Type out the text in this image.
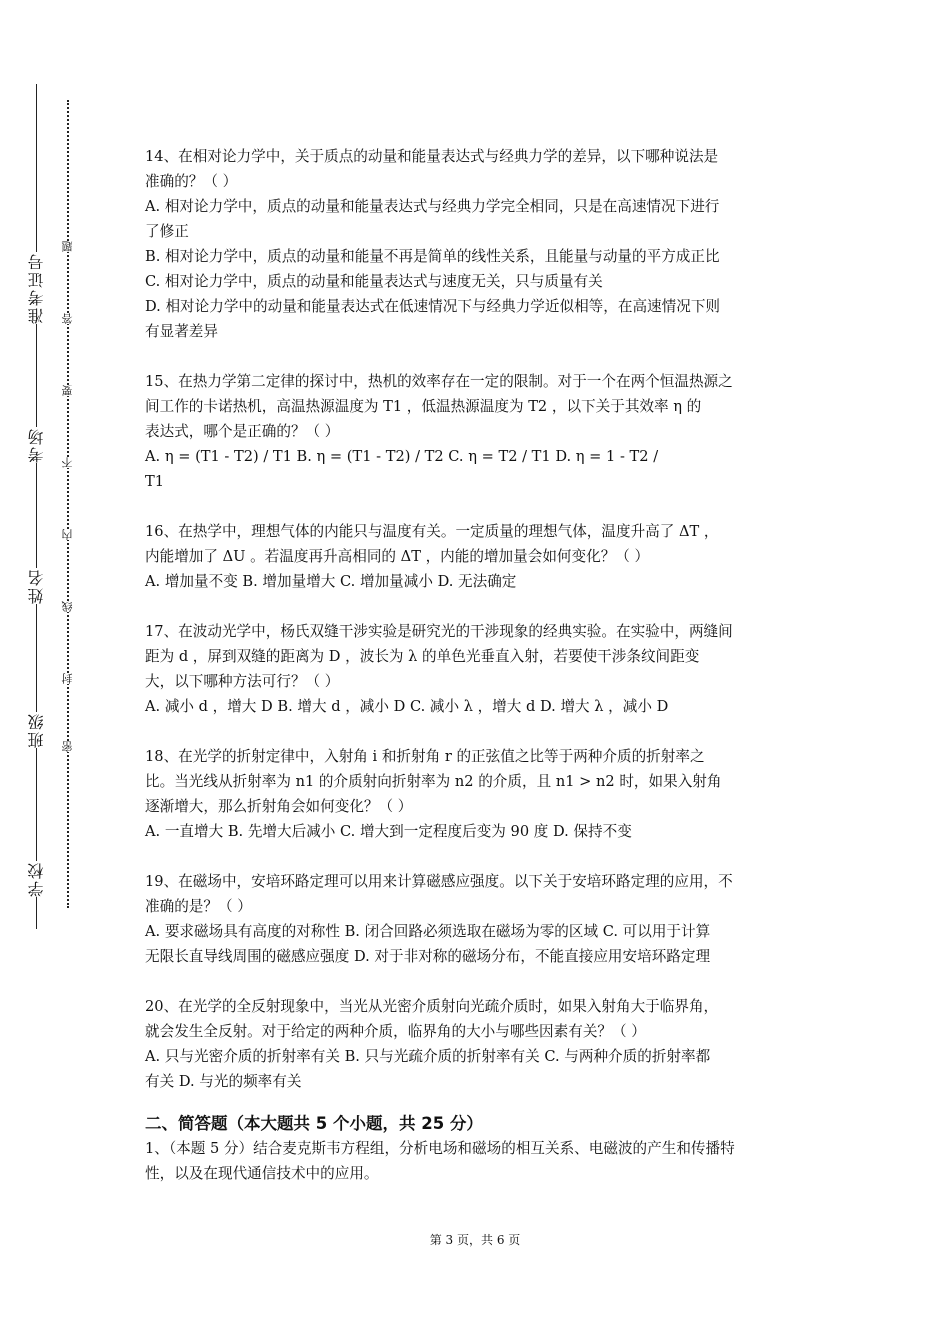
学校
班级
姓名
考场
准考证号
密
封
线
内
不
要
答
题
14、在相对论力学中，关于质点的动量和能量表达式与经典力学的差异，以下哪种说法是
准确的？（ ）
A. 相对论力学中，质点的动量和能量表达式与经典力学完全相同，只是在高速情况下进行
了修正
B. 相对论力学中，质点的动量和能量不再是简单的线性关系，且能量与动量的平方成正比
C. 相对论力学中，质点的动量和能量表达式与速度无关，只与质量有关
D. 相对论力学中的动量和能量表达式在低速情况下与经典力学近似相等，在高速情况下则
有显著差异
15、在热力学第二定律的探讨中，热机的效率存在一定的限制。对于一个在两个恒温热源之
间工作的卡诺热机，高温热源温度为 T1 ，低温热源温度为 T2 ，以下关于其效率 η 的
表达式，哪个是正确的？（ ）
A. η = (T1 - T2) / T1 B. η = (T1 - T2) / T2 C. η = T2 / T1 D. η = 1 - T2 /
T1
16、在热学中，理想气体的内能只与温度有关。一定质量的理想气体，温度升高了 ΔT ，
内能增加了 ΔU 。若温度再升高相同的 ΔT ，内能的增加量会如何变化？（ ）
A. 增加量不变 B. 增加量增大 C. 增加量减小 D. 无法确定
17、在波动光学中，杨氏双缝干涉实验是研究光的干涉现象的经典实验。在实验中，两缝间
距为 d ，屏到双缝的距离为 D ，波长为 λ 的单色光垂直入射，若要使干涉条纹间距变
大，以下哪种方法可行？（ ）
A. 减小 d ，增大 D B. 增大 d ，减小 D C. 减小 λ ，增大 d D. 增大 λ ，减小 D
18、在光学的折射定律中，入射角 i 和折射角 r 的正弦值之比等于两种介质的折射率之
比。当光线从折射率为 n1 的介质射向折射率为 n2 的介质，且 n1 > n2 时，如果入射角
逐渐增大，那么折射角会如何变化？（ ）
A. 一直增大 B. 先增大后减小 C. 增大到一定程度后变为 90 度 D. 保持不变
19、在磁场中，安培环路定理可以用来计算磁感应强度。以下关于安培环路定理的应用，不
准确的是？（ ）
A. 要求磁场具有高度的对称性 B. 闭合回路必须选取在磁场为零的区域 C. 可以用于计算
无限长直导线周围的磁感应强度 D. 对于非对称的磁场分布，不能直接应用安培环路定理
20、在光学的全反射现象中，当光从光密介质射向光疏介质时，如果入射角大于临界角，
就会发生全反射。对于给定的两种介质，临界角的大小与哪些因素有关？（ ）
A. 只与光密介质的折射率有关 B. 只与光疏介质的折射率有关 C. 与两种介质的折射率都
有关 D. 与光的频率有关
二、简答题（本大题共 5 个小题，共 25 分）
1、（本题 5 分）结合麦克斯韦方程组，分析电场和磁场的相互关系、电磁波的产生和传播特
性，以及在现代通信技术中的应用。
第 3 页，共 6 页
